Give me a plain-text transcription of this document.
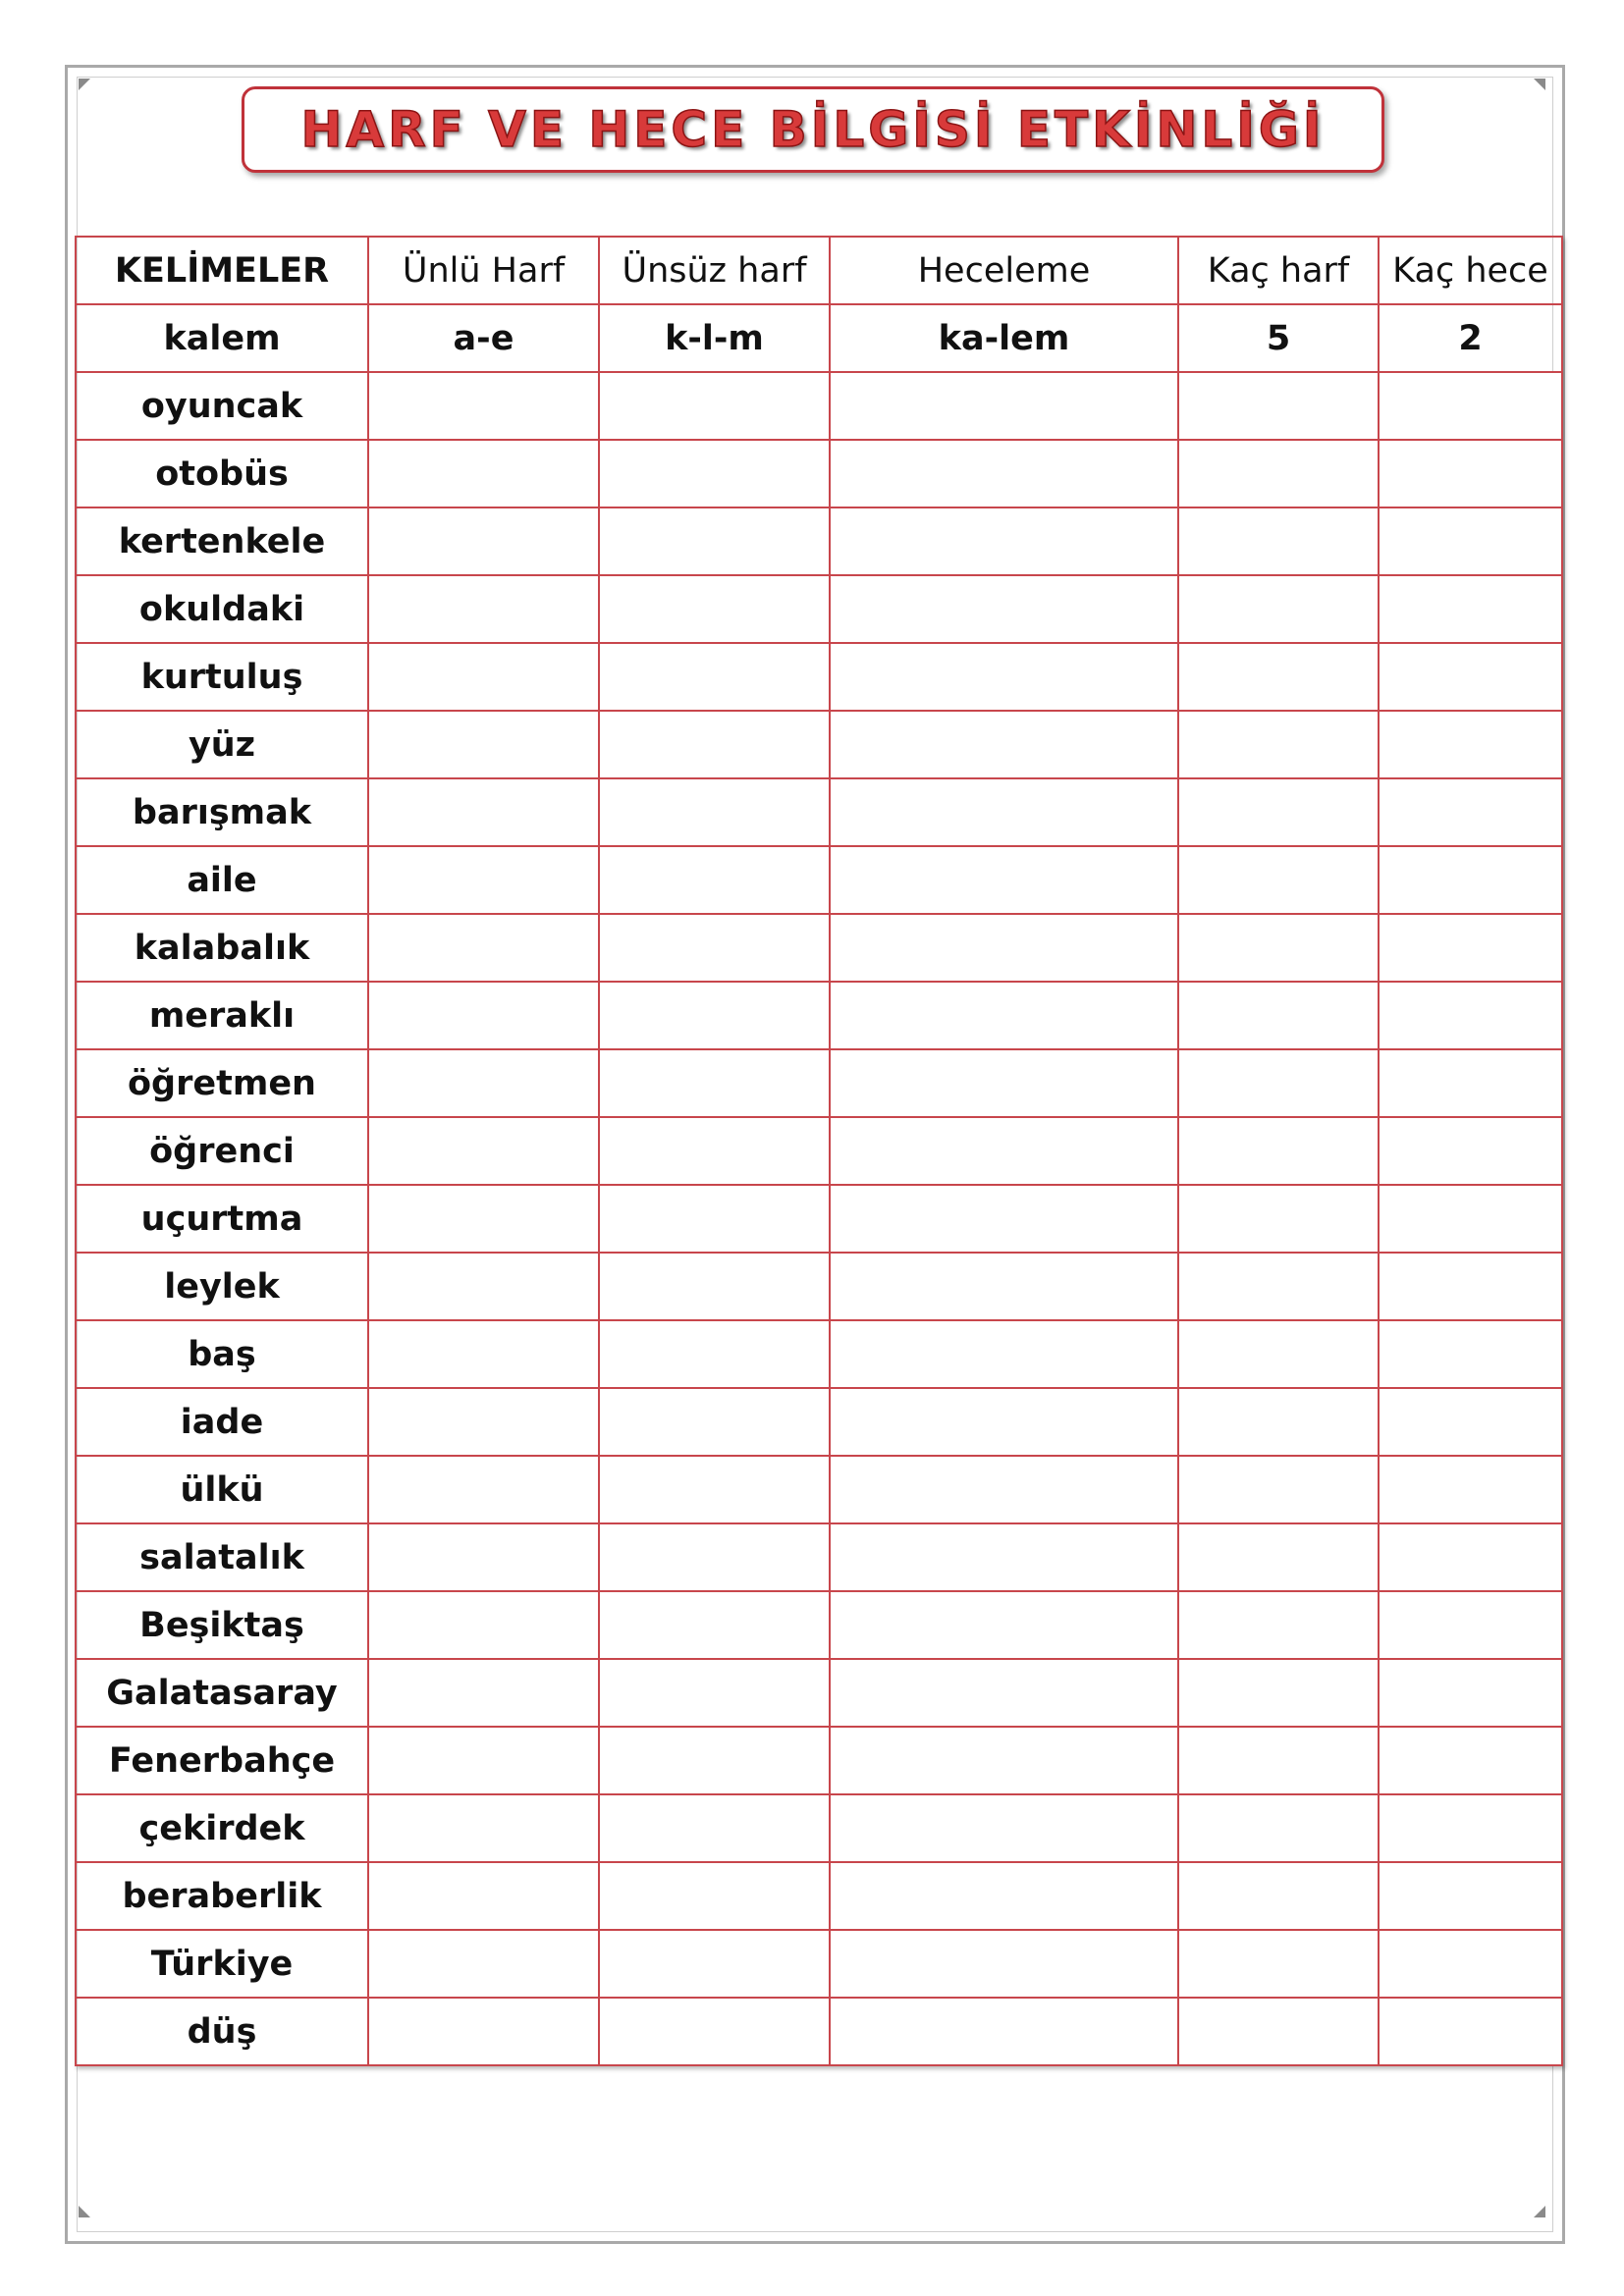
HARF VE HECE BİLGİSİ ETKİNLİĞİ
KELİMELER	Ünlü Harf	Ünsüz harf	Heceleme	Kaç harf	Kaç hece
kalem	a-e	k-l-m	ka-lem	5	2
oyuncak					
otobüs					
kertenkele					
okuldaki					
kurtuluş					
yüz					
barışmak					
aile					
kalabalık					
meraklı					
öğretmen					
öğrenci					
uçurtma					
leylek					
baş					
iade					
ülkü					
salatalık					
Beşiktaş					
Galatasaray					
Fenerbahçe					
çekirdek					
beraberlik					
Türkiye					
düş					
